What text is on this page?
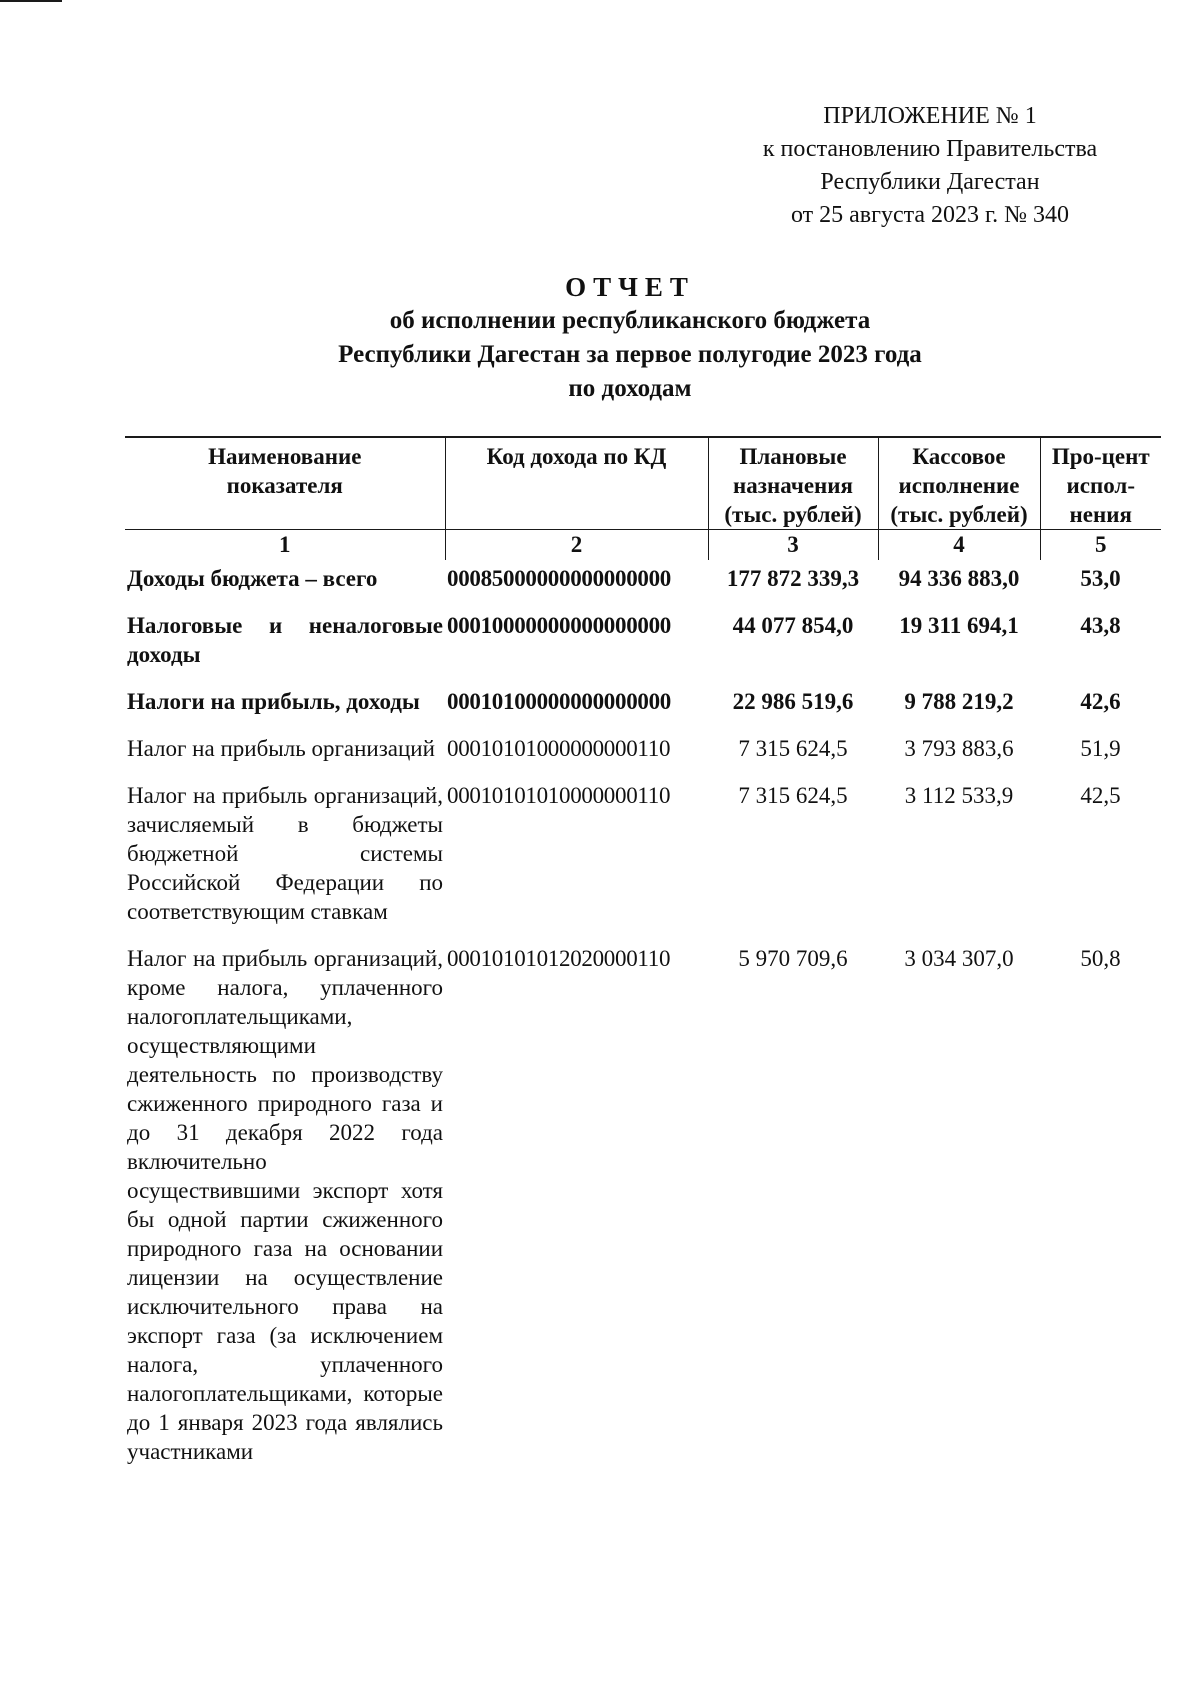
ПРИЛОЖЕНИЕ № 1
к постановлению Правительства
Республики Дагестан
от 25 августа 2023 г. № 340
ОТЧЕТ
об исполнении республиканского бюджета
Республики Дагестан за первое полугодие 2023 года
по доходам
Наименование показателя	Код дохода по КД	Плановые назначения (тыс. рублей)	Кассовое исполнение (тыс. рублей)	Про-цент испол-нения
1	2	3	4	5
Доходы бюджета – всего	00085000000000000000	177 872 339,3	94 336 883,0	53,0
Налоговые и неналоговые доходы	00010000000000000000	44 077 854,0	19 311 694,1	43,8
Налоги на прибыль, доходы	00010100000000000000	22 986 519,6	9 788 219,2	42,6
Налог на прибыль организаций	00010101000000000110	7 315 624,5	3 793 883,6	51,9
Налог на прибыль организаций, зачисляемый в бюджеты бюджетной системы Российской Федерации по соответствующим ставкам	00010101010000000110	7 315 624,5	3 112 533,9	42,5
Налог на прибыль организаций, кроме налога, уплаченного налогоплательщиками, осуществляющими деятельность по производству сжиженного природного газа и до 31 декабря 2022 года включительно осуществившими экспорт хотя бы одной партии сжиженного природного газа на основании лицензии на осуществление исключительного права на экспорт газа (за исключением налога, уплаченного налогоплательщиками, которые до 1 января 2023 года являлись участниками	00010101012020000110	5 970 709,6	3 034 307,0	50,8
